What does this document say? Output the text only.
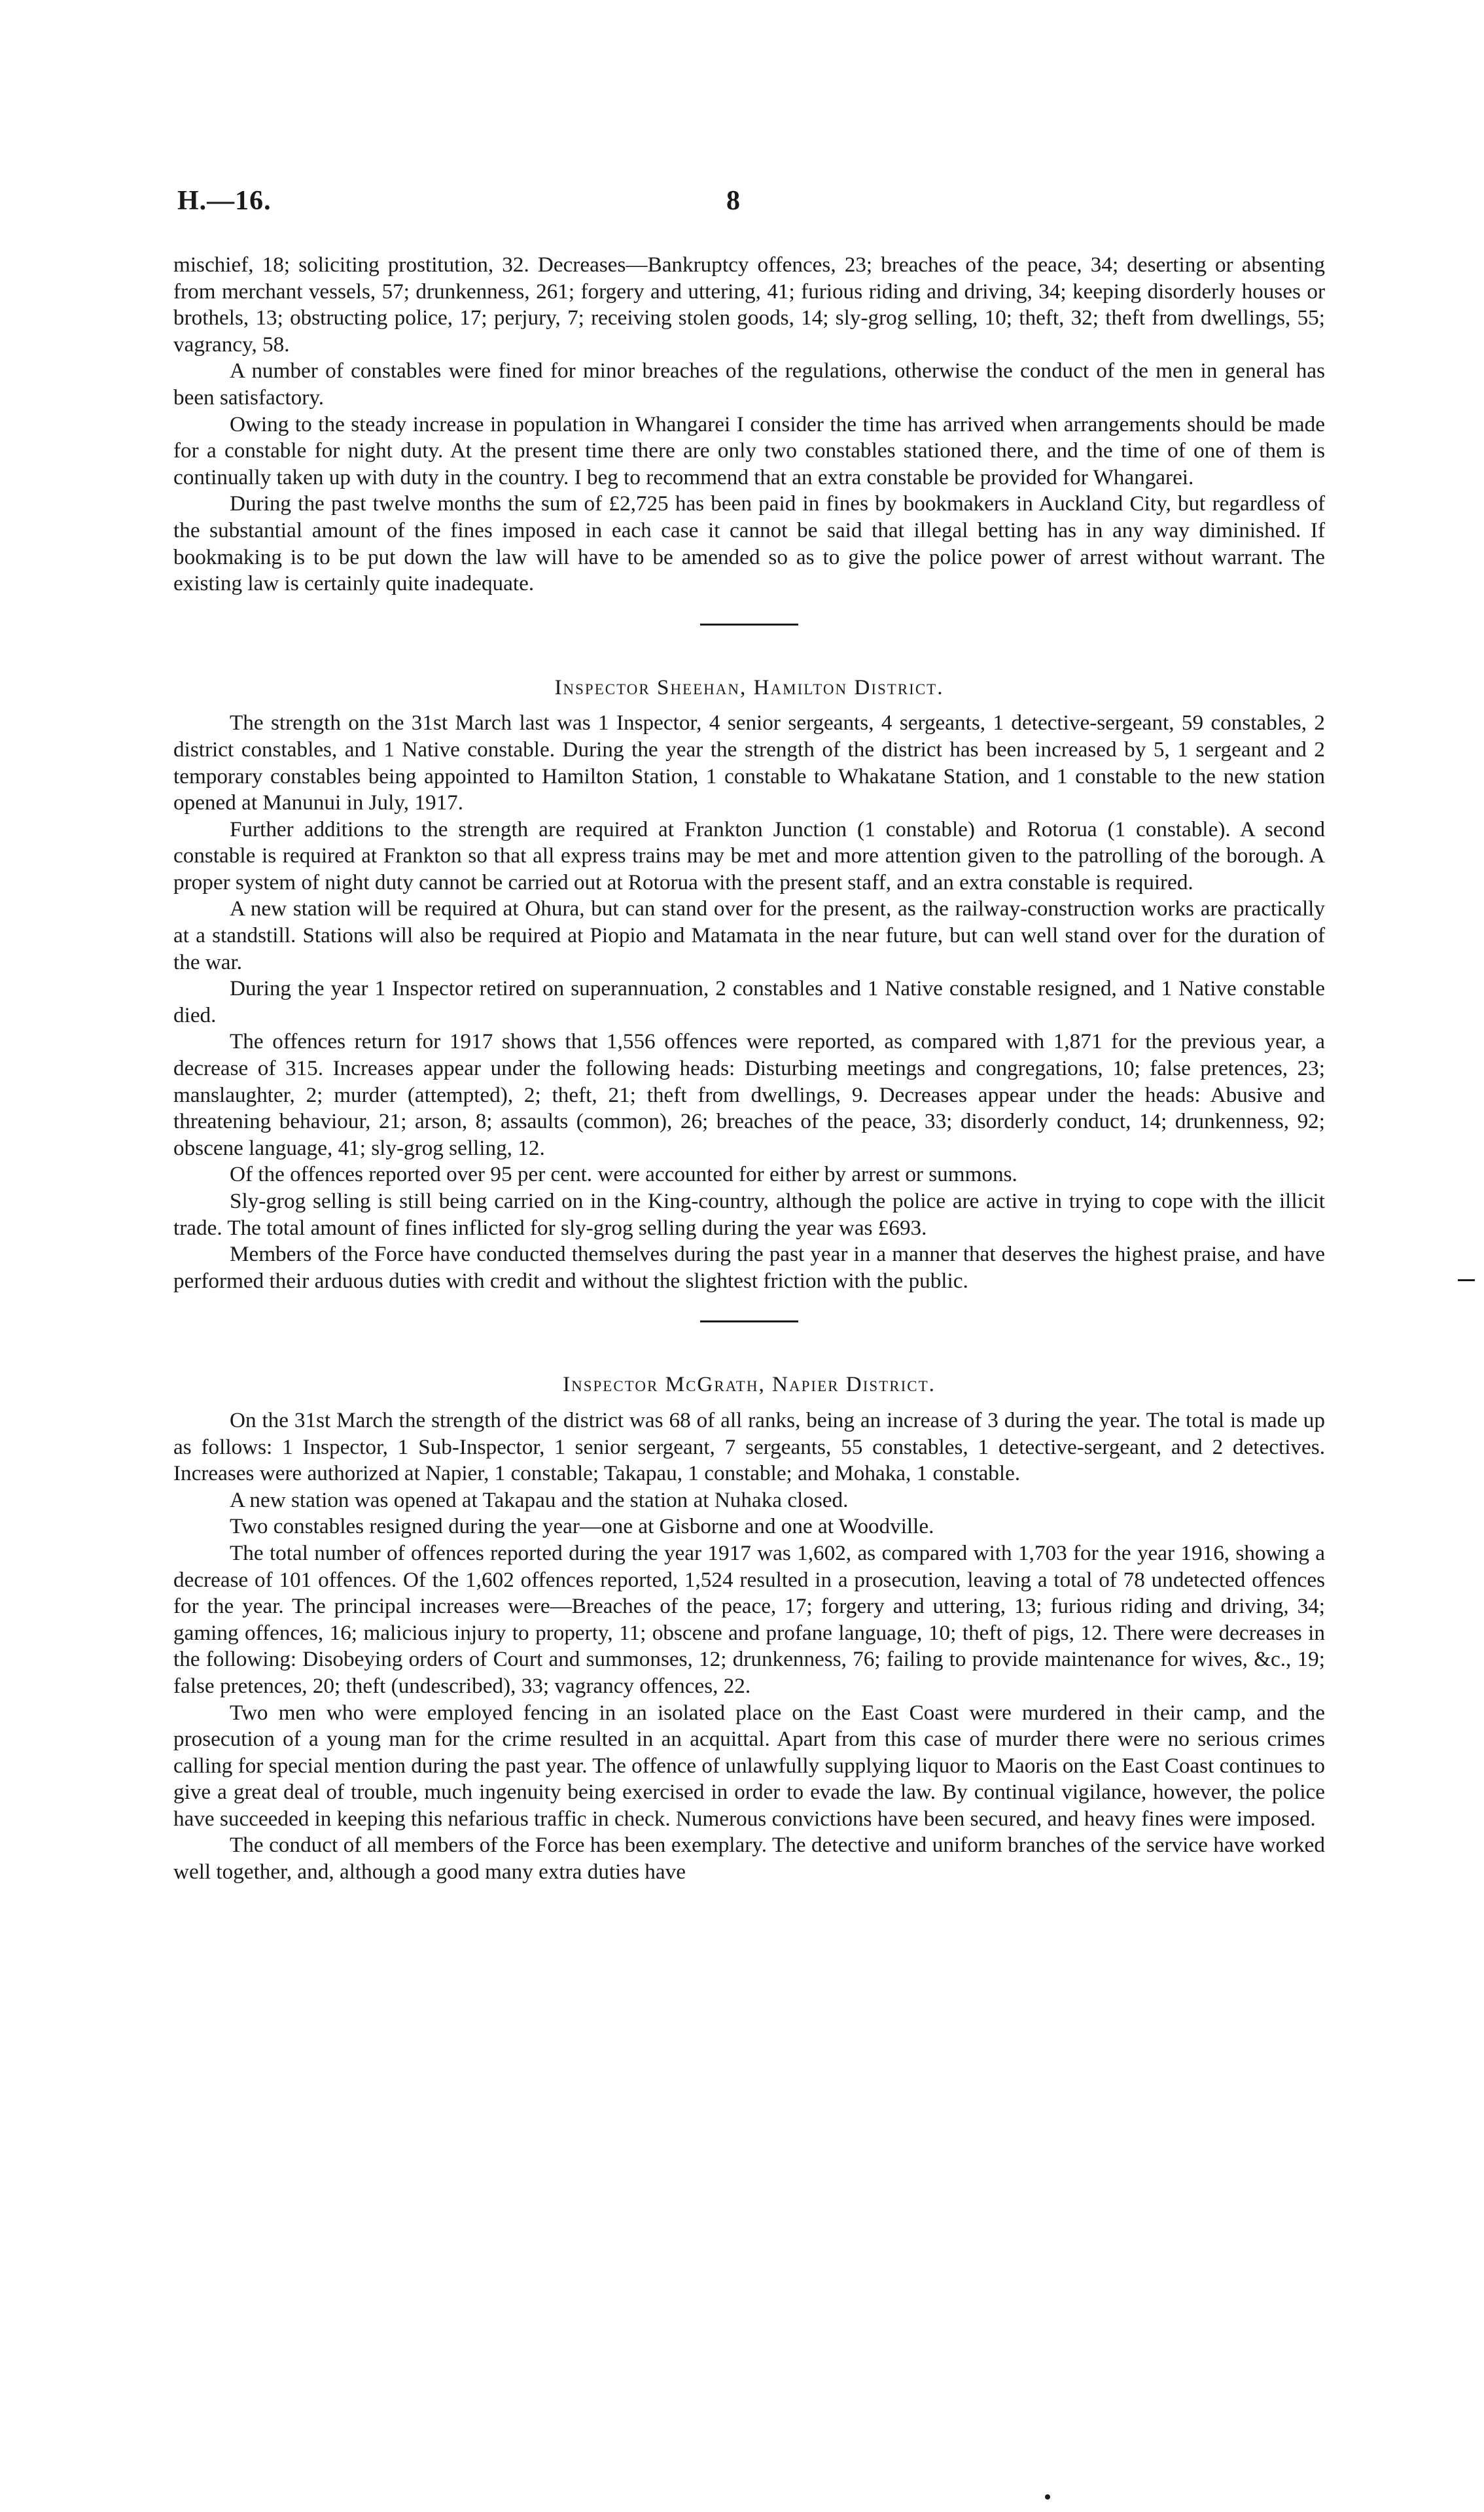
H.—16.	8

mischief, 18; soliciting prostitution, 32. Decreases—Bankruptcy offences, 23; breaches of the peace, 34; deserting or absenting from merchant vessels, 57; drunkenness, 261; forgery and uttering, 41; furious riding and driving, 34; keeping disorderly houses or brothels, 13; obstructing police, 17; perjury, 7; receiving stolen goods, 14; sly-grog selling, 10; theft, 32; theft from dwellings, 55; vagrancy, 58.

A number of constables were fined for minor breaches of the regulations, otherwise the conduct of the men in general has been satisfactory.

Owing to the steady increase in population in Whangarei I consider the time has arrived when arrangements should be made for a constable for night duty. At the present time there are only two constables stationed there, and the time of one of them is continually taken up with duty in the country. I beg to recommend that an extra constable be provided for Whangarei.

During the past twelve months the sum of £2,725 has been paid in fines by bookmakers in Auckland City, but regardless of the substantial amount of the fines imposed in each case it cannot be said that illegal betting has in any way diminished. If bookmaking is to be put down the law will have to be amended so as to give the police power of arrest without warrant. The existing law is certainly quite inadequate.

Inspector Sheehan, Hamilton District.

The strength on the 31st March last was 1 Inspector, 4 senior sergeants, 4 sergeants, 1 detective-sergeant, 59 constables, 2 district constables, and 1 Native constable. During the year the strength of the district has been increased by 5, 1 sergeant and 2 temporary constables being appointed to Hamilton Station, 1 constable to Whakatane Station, and 1 constable to the new station opened at Manunui in July, 1917.

Further additions to the strength are required at Frankton Junction (1 constable) and Rotorua (1 constable). A second constable is required at Frankton so that all express trains may be met and more attention given to the patrolling of the borough. A proper system of night duty cannot be carried out at Rotorua with the present staff, and an extra constable is required.

A new station will be required at Ohura, but can stand over for the present, as the railway-construction works are practically at a standstill. Stations will also be required at Piopio and Matamata in the near future, but can well stand over for the duration of the war.

During the year 1 Inspector retired on superannuation, 2 constables and 1 Native constable resigned, and 1 Native constable died.

The offences return for 1917 shows that 1,556 offences were reported, as compared with 1,871 for the previous year, a decrease of 315. Increases appear under the following heads: Disturbing meetings and congregations, 10; false pretences, 23; manslaughter, 2; murder (attempted), 2; theft, 21; theft from dwellings, 9. Decreases appear under the heads: Abusive and threatening behaviour, 21; arson, 8; assaults (common), 26; breaches of the peace, 33; disorderly conduct, 14; drunkenness, 92; obscene language, 41; sly-grog selling, 12.

Of the offences reported over 95 per cent. were accounted for either by arrest or summons.

Sly-grog selling is still being carried on in the King-country, although the police are active in trying to cope with the illicit trade. The total amount of fines inflicted for sly-grog selling during the year was £693.

Members of the Force have conducted themselves during the past year in a manner that deserves the highest praise, and have performed their arduous duties with credit and without the slightest friction with the public.

Inspector McGrath, Napier District.

On the 31st March the strength of the district was 68 of all ranks, being an increase of 3 during the year. The total is made up as follows: 1 Inspector, 1 Sub-Inspector, 1 senior sergeant, 7 sergeants, 55 constables, 1 detective-sergeant, and 2 detectives. Increases were authorized at Napier, 1 constable; Takapau, 1 constable; and Mohaka, 1 constable.

A new station was opened at Takapau and the station at Nuhaka closed.

Two constables resigned during the year—one at Gisborne and one at Woodville.

The total number of offences reported during the year 1917 was 1,602, as compared with 1,703 for the year 1916, showing a decrease of 101 offences. Of the 1,602 offences reported, 1,524 resulted in a prosecution, leaving a total of 78 undetected offences for the year. The principal increases were—Breaches of the peace, 17; forgery and uttering, 13; furious riding and driving, 34; gaming offences, 16; malicious injury to property, 11; obscene and profane language, 10; theft of pigs, 12. There were decreases in the following: Disobeying orders of Court and summonses, 12; drunkenness, 76; failing to provide maintenance for wives, &c., 19; false pretences, 20; theft (undescribed), 33; vagrancy offences, 22.

Two men who were employed fencing in an isolated place on the East Coast were murdered in their camp, and the prosecution of a young man for the crime resulted in an acquittal. Apart from this case of murder there were no serious crimes calling for special mention during the past year. The offence of unlawfully supplying liquor to Maoris on the East Coast continues to give a great deal of trouble, much ingenuity being exercised in order to evade the law. By continual vigilance, however, the police have succeeded in keeping this nefarious traffic in check. Numerous convictions have been secured, and heavy fines were imposed.

The conduct of all members of the Force has been exemplary. The detective and uniform branches of the service have worked well together, and, although a good many extra duties have
